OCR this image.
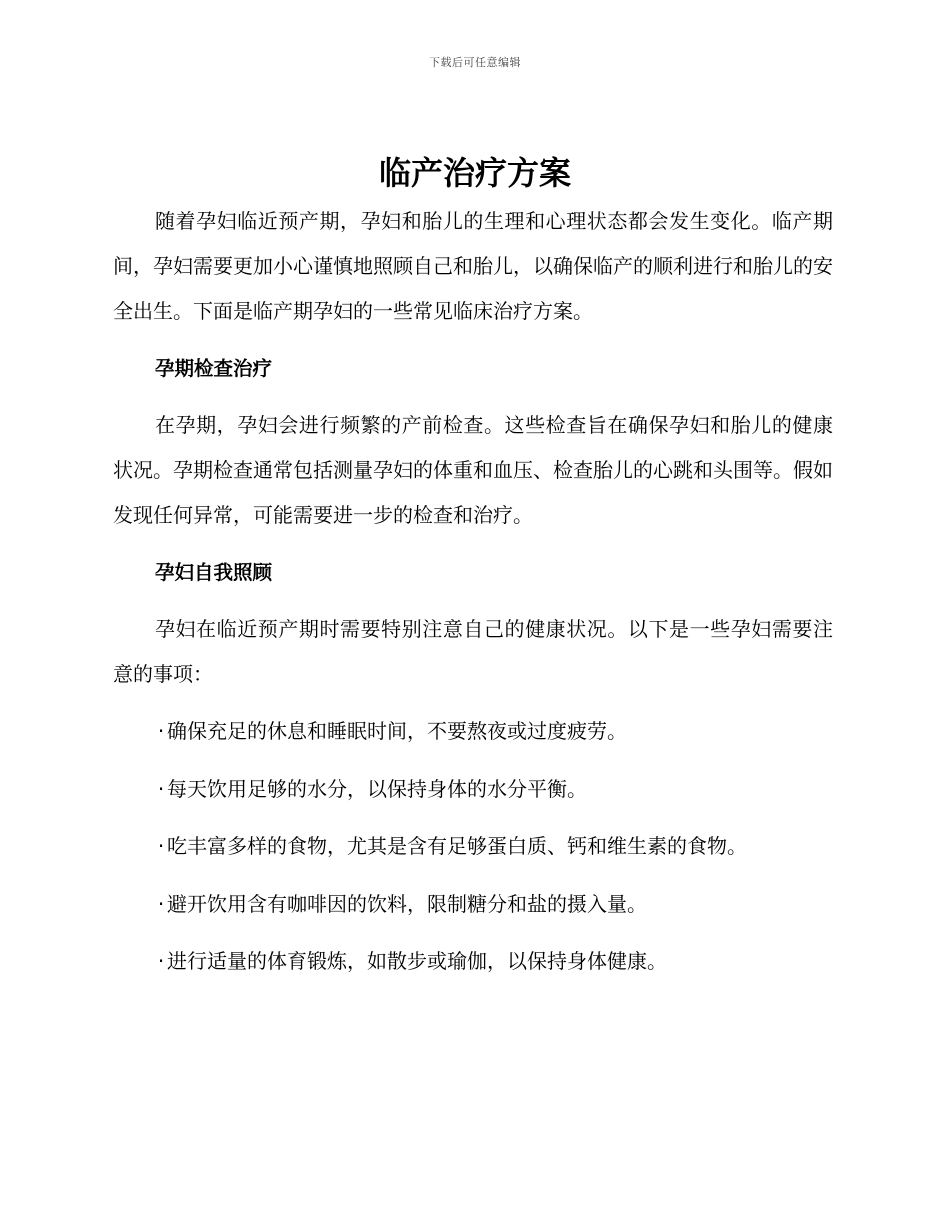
下载后可任意编辑
临产治疗方案

随着孕妇临近预产期，孕妇和胎儿的生理和心理状态都会发生变化。临产期间，孕妇需要更加小心谨慎地照顾自己和胎儿，以确保临产的顺利进行和胎儿的安全出生。下面是临产期孕妇的一些常见临床治疗方案。

孕期检查治疗

在孕期，孕妇会进行频繁的产前检查。这些检查旨在确保孕妇和胎儿的健康状况。孕期检查通常包括测量孕妇的体重和血压、检查胎儿的心跳和头围等。假如发现任何异常，可能需要进一步的检查和治疗。

孕妇自我照顾

孕妇在临近预产期时需要特别注意自己的健康状况。以下是一些孕妇需要注意的事项：

· 确保充足的休息和睡眠时间，不要熬夜或过度疲劳。
· 每天饮用足够的水分，以保持身体的水分平衡。
· 吃丰富多样的食物，尤其是含有足够蛋白质、钙和维生素的食物。
· 避开饮用含有咖啡因的饮料，限制糖分和盐的摄入量。
· 进行适量的体育锻炼，如散步或瑜伽，以保持身体健康。
